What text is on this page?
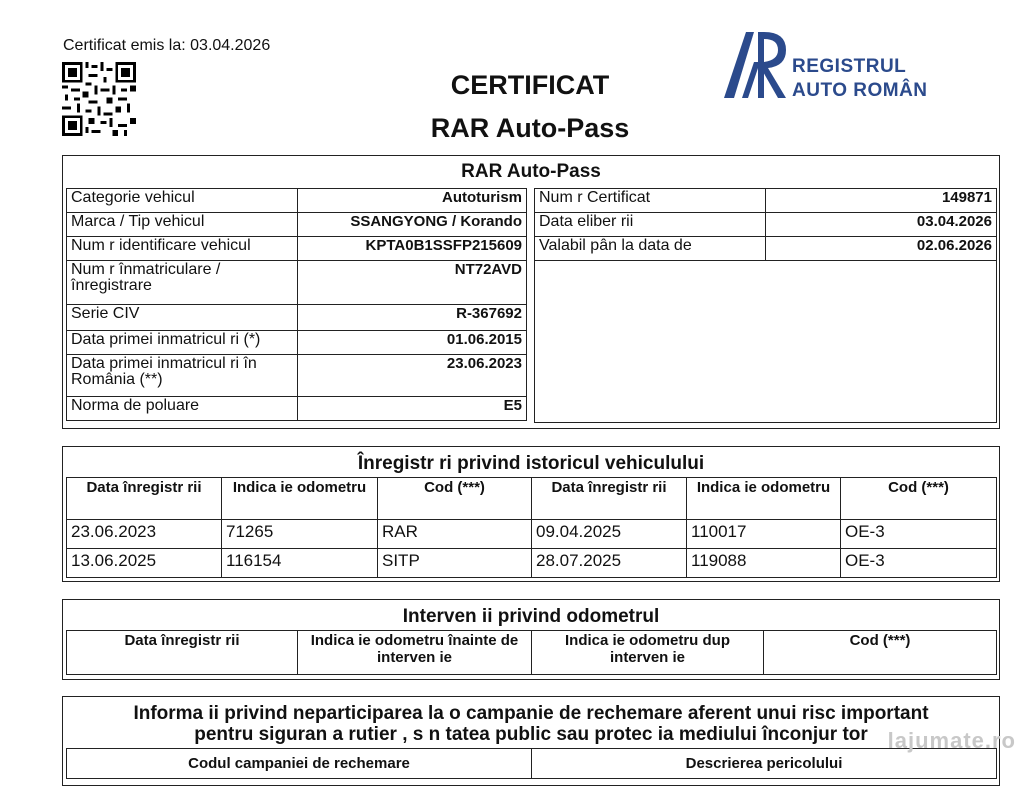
Certificat emis la: 03.04.2026
CERTIFICAT
RAR Auto-Pass
REGISTRUL
AUTO ROMÂN
RAR Auto-Pass
Categorie vehicul	Autoturism
Marca / Tip vehicul	SSANGYONG / Korando
Num r identificare vehicul	KPTA0B1SSFP215609
Num r înmatriculare / înregistrare	NT72AVD
Serie CIV	R-367692
Data primei inmatricul ri (*)	01.06.2015
Data primei inmatricul ri în România (**)	23.06.2023
Norma de poluare	E5
Num r Certificat	149871
Data eliber rii	03.04.2026
Valabil pân la data de	02.06.2026

Înregistr ri privind istoricul vehiculului
Data înregistr rii	Indica ie odometru	Cod (***)	Data înregistr rii	Indica ie odometru	Cod (***)
23.06.2023	71265	RAR	09.04.2025	110017	OE-3
13.06.2025	116154	SITP	28.07.2025	119088	OE-3
Interven ii privind odometrul
Data înregistr rii	Indica ie odometru înainte de interven ie	Indica ie odometru dup interven ie	Cod (***)
Informa ii privind neparticiparea la o campanie de rechemare aferent unui risc important
pentru siguran a rutier , s n tatea public sau protec ia mediului înconjur tor
Codul campaniei de rechemare	Descrierea pericolului
lajumate.ro
